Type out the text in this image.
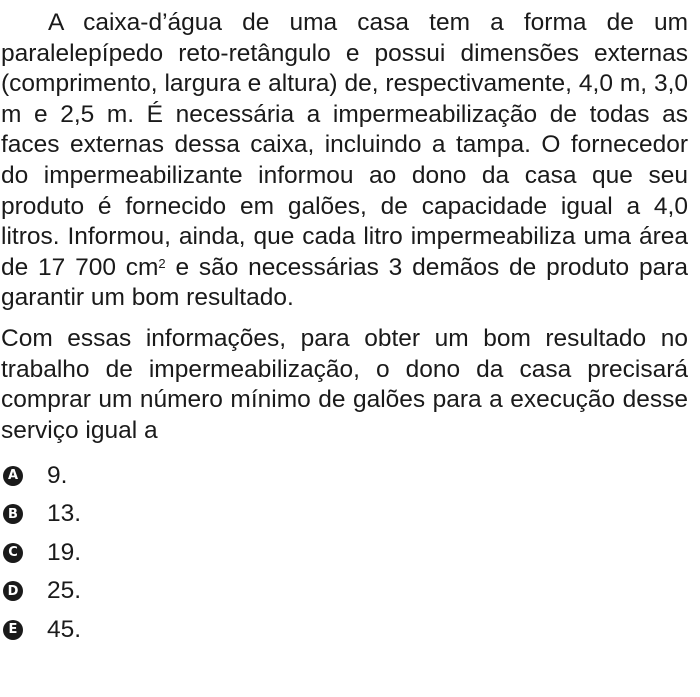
A caixa-d’água de uma casa tem a forma de um paralelepípedo reto-retângulo e possui dimensões externas (comprimento, largura e altura) de, respectivamente, 4,0 m, 3,0 m e 2,5 m. É necessária a impermeabilização de todas as faces externas dessa caixa, incluindo a tampa. O fornecedor do impermeabilizante informou ao dono da casa que seu produto é fornecido em galões, de capacidade igual a 4,0 litros. Informou, ainda, que cada litro impermeabiliza uma área de 17 700 $cm^2$ e são necessárias 3 demãos de produto para garantir um bom resultado.

Com essas informações, para obter um bom resultado no trabalho de impermeabilização, o dono da casa precisará comprar um número mínimo de galões para a execução desse serviço igual a

A 9.
B 13.
C 19.
D 25.
E 45.
